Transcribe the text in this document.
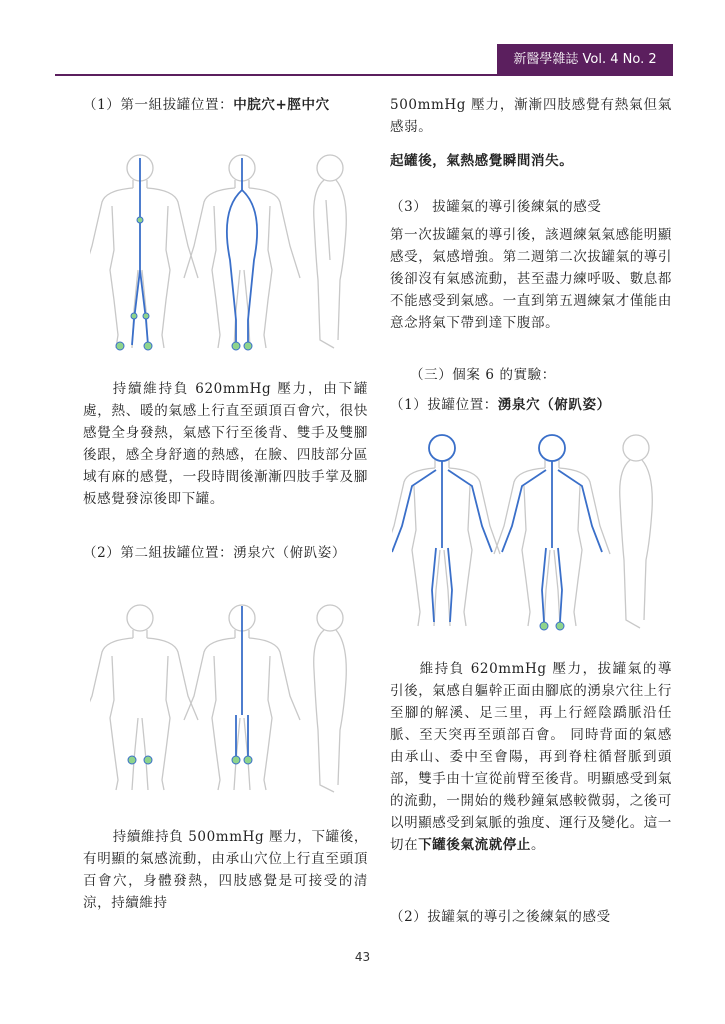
新醫學雜誌 Vol. 4 No. 2

（1）第一組拔罐位置：中脘穴+脛中穴

持續維持負 620mmHg 壓力，由下罐處，熱、暖的氣感上行直至頭頂百會穴，很快感覺全身發熱，氣感下行至後背、雙手及雙腳後跟，感全身舒適的熱感，在臉、四肢部分區域有麻的感覺，一段時間後漸漸四肢手掌及腳板感覺發涼後即下罐。

（2）第二組拔罐位置：湧泉穴（俯趴姿）

持續維持負 500mmHg 壓力，下罐後，有明顯的氣感流動，由承山穴位上行直至頭頂百會穴，身體發熱，四肢感覺是可接受的清涼，持續維持

500mmHg 壓力，漸漸四肢感覺有熱氣但氣感弱。

起罐後，氣熱感覺瞬間消失。

（3） 拔罐氣的導引後練氣的感受

第一次拔罐氣的導引後，該週練氣氣感能明顯感受，氣感增強。第二週第二次拔罐氣的導引後卻沒有氣感流動，甚至盡力練呼吸、數息都不能感受到氣感。一直到第五週練氣才僅能由意念將氣下帶到達下腹部。

（三）個案 6 的實驗：

（1）拔罐位置：湧泉穴（俯趴姿）

維持負 620mmHg 壓力，拔罐氣的導引後，氣感自軀幹正面由腳底的湧泉穴往上行至腳的解溪、足三里，再上行經陰蹻脈沿任脈、至天突再至頭部百會。 同時背面的氣感由承山、委中至會陽，再到脊柱循督脈到頭部，雙手由十宣從前臂至後背。明顯感受到氣的流動，一開始的幾秒鐘氣感較微弱，之後可以明顯感受到氣脈的強度、運行及變化。這一切在下罐後氣流就停止。

（2）拔罐氣的導引之後練氣的感受

43
